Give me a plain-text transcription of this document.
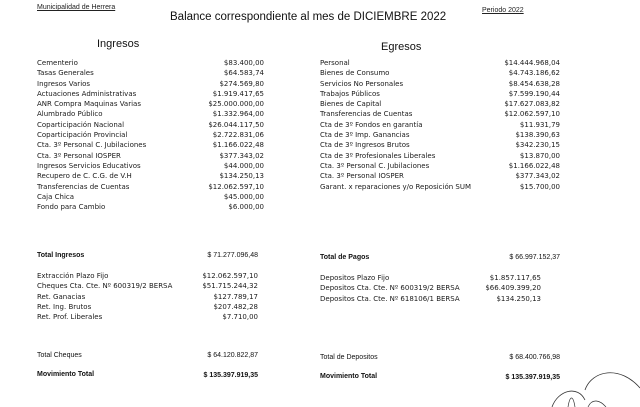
Municipalidad de Herrera	Periodo 2022
Balance correspondiente al mes de DICIEMBRE 2022
Ingresos	Egresos
Cementerio	$83.400,00
Tasas Generales	$64.583,74
Ingresos Varios	$274.569,80
Actuaciones Administrativas	$1.919.417,65
ANR Compra Maquinas Varias	$25.000.000,00
Alumbrado Público	$1.332.964,00
Coparticipación Nacional	$26.044.117,50
Coparticipación Provincial	$2.722.831,06
Cta. 3º Personal C. Jubilaciones	$1.166.022,48
Cta. 3º Personal IOSPER	$377.343,02
Ingresos Servicios Educativos	$44.000,00
Recupero de C. C.G. de V.H	$134.250,13
Transferencias de Cuentas	$12.062.597,10
Caja Chica	$45.000,00
Fondo para Cambio	$6.000,00
Personal	$14.444.968,04
Bienes de Consumo	$4.743.186,62
Servicios No Personales	$8.454.638,28
Trabajos Públicos	$7.599.190,44
Bienes de Capital	$17.627.083,82
Transferencias de Cuentas	$12.062.597,10
Cta de 3º Fondos en garantía	$11.931,79
Cta de 3º Imp. Ganancias	$138.390,63
Cta de 3º Ingresos Brutos	$342.230,15
Cta de 3º Profesionales Liberales	$13.870,00
Cta. 3º Personal C. Jubilaciones	$1.166.022,48
Cta. 3º Personal IOSPER	$377.343,02
Garant. x reparaciones y/o Reposición SUM	$15.700,00
Total Ingresos	$ 71.277.096,48	Total de Pagos	$ 66.997.152,37
Extracción Plazo Fijo	$12.062.597,10
Cheques Cta. Cte. Nº 600319/2 BERSA	$51.715.244,32
Ret. Ganacias	$127.789,17
Ret. Ing. Brutos	$207.482,28
Ret. Prof. Liberales	$7.710,00
Depositos Plazo Fijo	$1.857.117,65
Depositos Cta. Cte. Nº 600319/2 BERSA	$66.409.399,20
Depositos Cta. Cte. Nº 618106/1 BERSA	$134.250,13
Total Cheques	$ 64.120.822,87	Total de Depositos	$ 68.400.766,98
Movimiento Total	$ 135.397.919,35	Movimiento Total	$ 135.397.919,35
